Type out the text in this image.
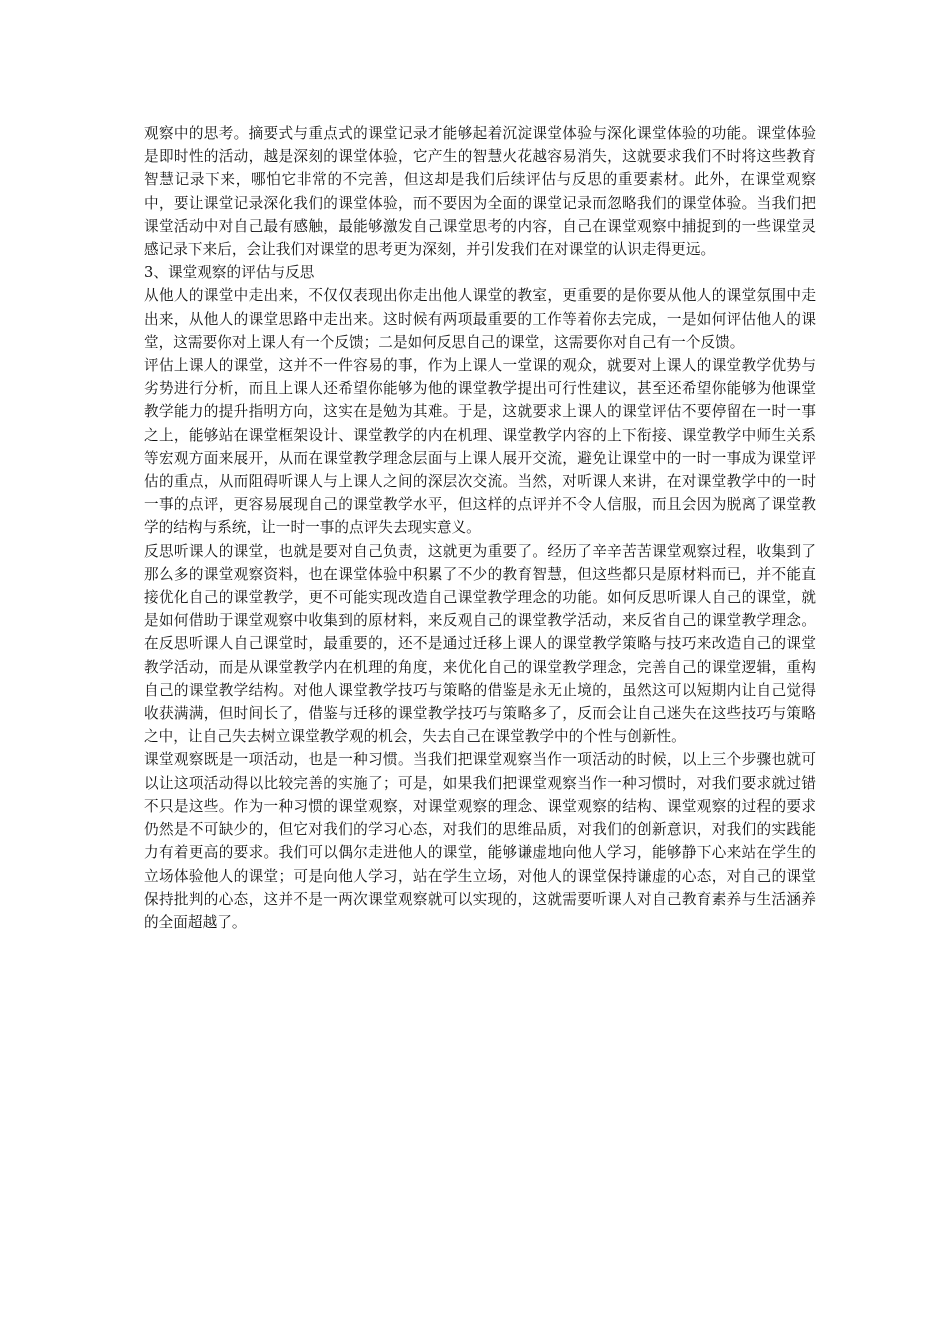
观察中的思考。摘要式与重点式的课堂记录才能够起着沉淀课堂体验与深化课堂体验的功能。课堂体验是即时性的活动，越是深刻的课堂体验，它产生的智慧火花越容易消失，这就要求我们不时将这些教育智慧记录下来，哪怕它非常的不完善，但这却是我们后续评估与反思的重要素材。此外，在课堂观察中，要让课堂记录深化我们的课堂体验，而不要因为全面的课堂记录而忽略我们的课堂体验。当我们把课堂活动中对自己最有感触，最能够激发自己课堂思考的内容，自己在课堂观察中捕捉到的一些课堂灵感记录下来后，会让我们对课堂的思考更为深刻，并引发我们在对课堂的认识走得更远。

3、课堂观察的评估与反思

从他人的课堂中走出来，不仅仅表现出你走出他人课堂的教室，更重要的是你要从他人的课堂氛围中走出来，从他人的课堂思路中走出来。这时候有两项最重要的工作等着你去完成，一是如何评估他人的课堂，这需要你对上课人有一个反馈；二是如何反思自己的课堂，这需要你对自己有一个反馈。

评估上课人的课堂，这并不一件容易的事，作为上课人一堂课的观众，就要对上课人的课堂教学优势与劣势进行分析，而且上课人还希望你能够为他的课堂教学提出可行性建议，甚至还希望你能够为他课堂教学能力的提升指明方向，这实在是勉为其难。于是，这就要求上课人的课堂评估不要停留在一时一事之上，能够站在课堂框架设计、课堂教学的内在机理、课堂教学内容的上下衔接、课堂教学中师生关系等宏观方面来展开，从而在课堂教学理念层面与上课人展开交流，避免让课堂中的一时一事成为课堂评估的重点，从而阻碍听课人与上课人之间的深层次交流。当然，对听课人来讲，在对课堂教学中的一时一事的点评，更容易展现自己的课堂教学水平，但这样的点评并不令人信服，而且会因为脱离了课堂教学的结构与系统，让一时一事的点评失去现实意义。

反思听课人的课堂，也就是要对自己负责，这就更为重要了。经历了辛辛苦苦课堂观察过程，收集到了那么多的课堂观察资料，也在课堂体验中积累了不少的教育智慧，但这些都只是原材料而已，并不能直接优化自己的课堂教学，更不可能实现改造自己课堂教学理念的功能。如何反思听课人自己的课堂，就是如何借助于课堂观察中收集到的原材料，来反观自己的课堂教学活动，来反省自己的课堂教学理念。在反思听课人自己课堂时，最重要的，还不是通过迁移上课人的课堂教学策略与技巧来改造自己的课堂教学活动，而是从课堂教学内在机理的角度，来优化自己的课堂教学理念，完善自己的课堂逻辑，重构自己的课堂教学结构。对他人课堂教学技巧与策略的借鉴是永无止境的，虽然这可以短期内让自己觉得收获满满，但时间长了，借鉴与迁移的课堂教学技巧与策略多了，反而会让自己迷失在这些技巧与策略之中，让自己失去树立课堂教学观的机会，失去自己在课堂教学中的个性与创新性。

课堂观察既是一项活动，也是一种习惯。当我们把课堂观察当作一项活动的时候，以上三个步骤也就可以让这项活动得以比较完善的实施了；可是，如果我们把课堂观察当作一种习惯时，对我们要求就过错不只是这些。作为一种习惯的课堂观察，对课堂观察的理念、课堂观察的结构、课堂观察的过程的要求仍然是不可缺少的，但它对我们的学习心态，对我们的思维品质，对我们的创新意识，对我们的实践能力有着更高的要求。我们可以偶尔走进他人的课堂，能够谦虚地向他人学习，能够静下心来站在学生的立场体验他人的课堂；可是向他人学习，站在学生立场，对他人的课堂保持谦虚的心态，对自己的课堂保持批判的心态，这并不是一两次课堂观察就可以实现的，这就需要听课人对自己教育素养与生活涵养的全面超越了。
